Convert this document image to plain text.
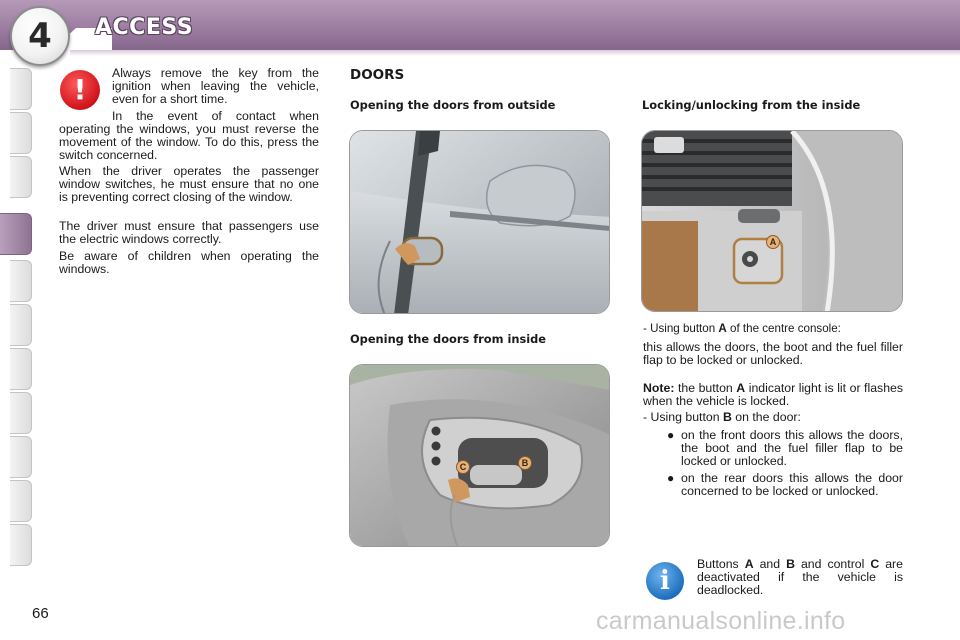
4 ACCESS
!	Always remove the key from the ignition when leaving the vehicle, even for a short time.
In the event of contact when operating the windows, you must reverse the movement of the window. To do this, press the switch concerned.
When the driver operates the passenger window switches, he must ensure that no one is preventing correct closing of the window.
The driver must ensure that passengers use the electric windows correctly.
Be aware of children when operating the windows.
DOORS
Opening the doors from outside	Locking/unlocking from the inside
Opening the doors from inside
A
B
C
- Using button A of the centre console:
this allows the doors, the boot and the fuel filler flap to be locked or unlocked.
Note: the button A indicator light is lit or flashes when the vehicle is locked.
- Using button B on the door:
● on the front doors this allows the doors, the boot and the fuel filler flap to be locked or unlocked.
● on the rear doors this allows the door concerned to be locked or unlocked.
i
Buttons A and B and control C are deactivated if the vehicle is deadlocked.
66	carmanualsonline.info
